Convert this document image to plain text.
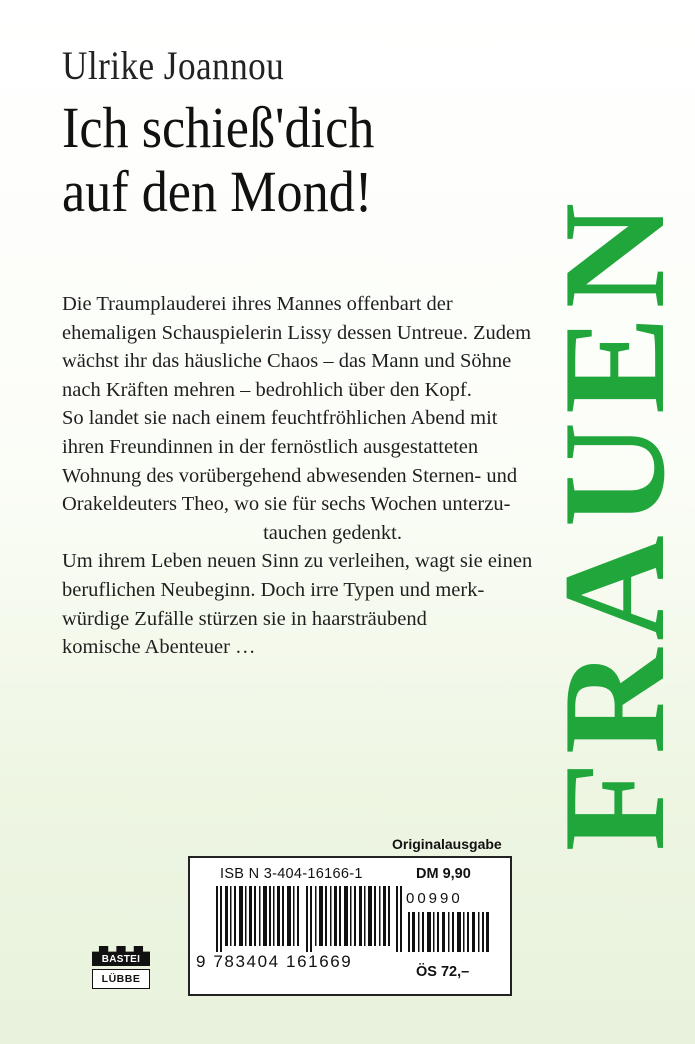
Ulrike Joannou
Ich schieß'dich
auf den Mond!

Die Traumplauderei ihres Mannes offenbart der

ehemaligen Schauspielerin Lissy dessen Untreue. Zudem

wächst ihr das häusliche Chaos – das Mann und Söhne

nach Kräften mehren – bedrohlich über den Kopf.

So landet sie nach einem feuchtfröhlichen Abend mit

ihren Freundinnen in der fernöstlich ausgestatteten

Wohnung des vorübergehend abwesenden Sternen- und

Orakeldeuters Theo, wo sie für sechs Wochen unterzu-

tauchen gedenkt.

Um ihrem Leben neuen Sinn zu verleihen, wagt sie einen

beruflichen Neubeginn. Doch irre Typen und merk-

würdige Zufälle stürzen sie in haarsträubend

komische Abenteuer …	FRAUEN
Originalausgabe
ISB N 3-404-16166-1	DM 9,90
00990
9 783404 161669
ÖS 72,–
BASTEI
LÜBBE
